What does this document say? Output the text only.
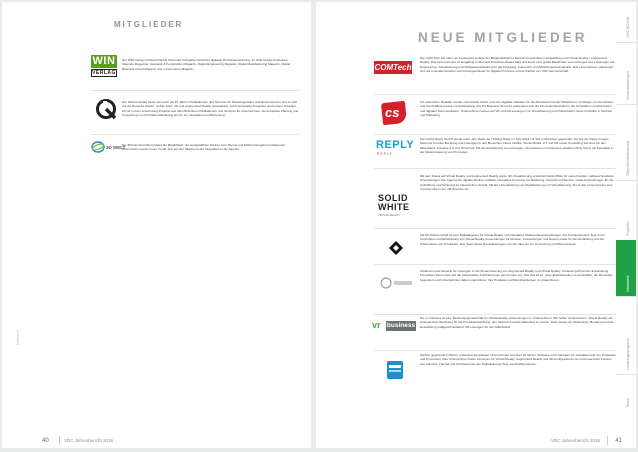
MITGLIEDER
WIN
VERLAG
Der WIN-Verlag ist Deutschlands führender fachgebie-Verbinder digitalen Produktentwicklung. Im WIN-Verlag erscheinen folgende Magazine: Autodesk & Konstruktion Magazin, Digital Engineering Magazin, Digital Manufacturing Magazin, Digital Business Cloud Magazin und e-Commerce Magazin.
Der Wizard Verlag bietet seit mehr als 15 Jahren Publikationen und Services für Mediengestalter und Reiseexperten und ist sich auf die Bereiche Papier, mobile Apps, 3D und Augmented Reality spezialisiert. Auch bei Reality-Projekten sind unsere Gruppen immer mit der Anwendung-Projekte aus allen Branchen Publikationen und Services für Unternehmen, die komplette Planung und Umsetzung von Produkten-Marketing bis hin zur Integration und Betreuung.
3D WELT
Die 3Dwelt-Vermittlung bietet die Möglichkeit, die ausgewählten Partner zum Thema und Plattformangebot Intelligenten. Abonnenten werden beim Vorab-Test auf den Markt und der Integration in die Agentur.
Netzwerk
40	VDC Jahresbericht 2016
NEUE MITGLIEDER
COMTech
Die COM Tech AG nahm an Prototypen-Anlage der Mitgliedschaft im Bereich Koordination / Entwicklung und Virtual Reality / Augmented Reality. Das Unternehmen ist langjährig im Bereich Industriesoftware tätig und bietet eine große Bandbreite von Lösungen und Leistungen wie Engineering, Visualisierung und Softwareentwicklung für die Fertigung, Automobil- und Maschinenbauindustrie. Das Unternehmen präsentiert sich als Innovationstreiber und Lösungsanbieter für digitale Prozesse und ist Partner der VDC-Gemeinschaft.
cs
CS technische Realität und die ortsverteilte Arbeit, eine der digitalen Zeitalter für die Arbeitswelt bis der Mittelstand. Im Ringen um die Arbeits- und Geschäftsprozesse zur Entwicklung von CS Business Services präsentiert sich die Firma als Spezialist in der Simulation von Prozessen und digitaler Kommunikation. Unternehmen setzen auf VR und AR-Lösungen zur Visualisierung und Präsentation neuer Produkte in Vertrieb und Marketing.
REPLY
REPLY
Die Infinity Reply GmbH wurde unter dem Dach der Holding Reply im Jahr 2016 mit Sitz in München gegründet. Als Teil der Reply-Gruppe bietet sie Kunden Beratung und Lösungen in den Bereichen Cloud, Mobile, Social Media, IoT und VR sowie Consulting Services für den Mittelstand, Industrie 4.0 und Sicherheit. Mit der Entwicklung von Lösungen, Innovationen und Services arbeitet Infinity Reply als Spezialist in der Modernisierung von Prozessen.
SOLID
WHITE
VIRTUAL REALITY
Mit dem Fokus auf Virtual Reality und Augmented Reality sowie 3D-Visualisierung entwickelt Solid White für seine Kunden maßgeschneiderte Anwendungen. Die Agentur für digitale Medien realisiert interaktive Konzepte für Marketing, Vertrieb und Service, sowie Anwendungen für die Ausbildung und Schulung im industriellen Umfeld. Mit der Unterstützung von Digitalisierung und Virtualisierung nimmt das Unternehmen eine Vorreiterrolle in der VR-Branche ein.
3D-SZ-Wissenschaft ist eine Digitalagentur für Virtual Reality und interaktive Multimedia-Anwendungen. Die Kernkompetenz liegt in der Konzeption und Entwicklung von Virtual Reality Anwendungen für Messen, Ausstellungen und Events sowie für die Ausbildung und die Präsentation von Produkten. Das Team bietet Dienstleistungen von der Idee bis zur Umsetzung und Betreuung an.
Ultrareal ist die Experte für Lösungen in der Modernisierung von Augmented Reality und Virtual Reality. Ultrareal geht bei der Entwicklung innovativer Ideen stets auf die individuellen Anforderungen der Kunden ein. Das Ziel ist es, neue Erlebniswelten zu erschaffen, die Menschen begeistern und Unternehmen dabei unterstützen, ihre Produkte und Dienstleistungen zu präsentieren.
vr business
Die vr-business ist eine Beratungsgesellschaft für Virtual-Reality-Anwendungen in Unternehmen. Wir helfen Unternehmen, Virtual Reality als strategisches Werkzeug für die Produktentwicklung, den Vertrieb und das Marketing zu nutzen. Dazu bieten wir Workshops, Beratung und die Entwicklung maßgeschneiderter VR-Lösungen für den Mittelstand.
Wehrle, gegründet in Berlin, entwickelt als globaler Unternehmen seit über 20 Jahren Software und Lösungen zur Visualisierung von Produkten und Prozessen. Das Unternehmen bietet Lösungen für Virtual Reality, Augmented Reality und 3D-Konfiguratoren an und unterstützt Kunden aus Industrie, Handel und Architektur bei der Digitalisierung ihrer Geschäftsprozesse.
VDC Jahresbericht 2016	41
VDC@2016
Veranstaltungen
Öffentlichkeitsarbeit
Projekte
Netzwerk
Leistungsangebot
Team
